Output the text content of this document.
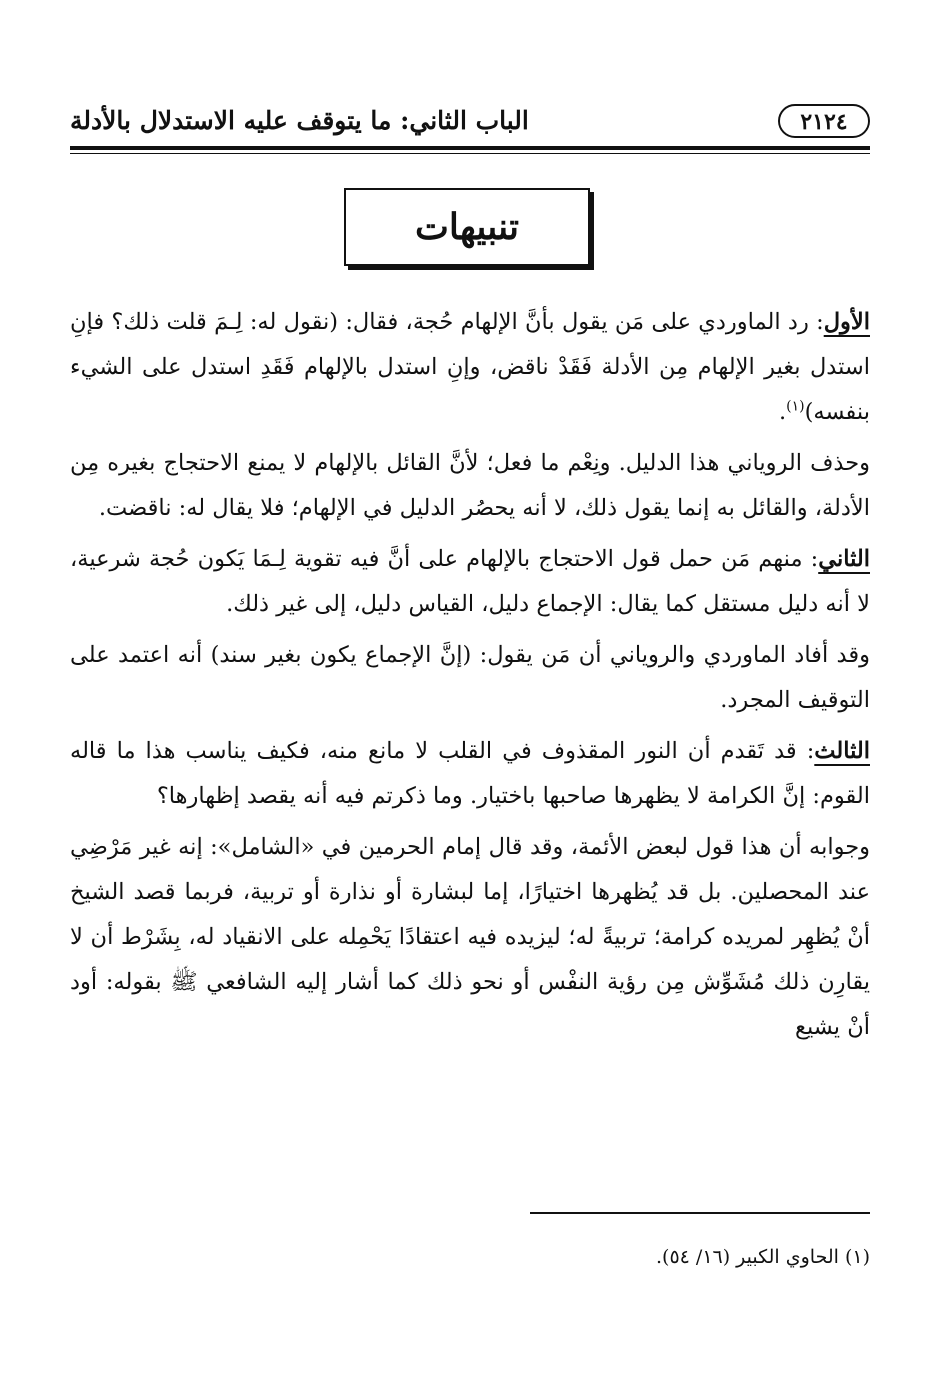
٢١٢٤
الباب الثاني: ما يتوقف عليه الاستدلال بالأدلة
تنبيهات

الأول: رد الماوردي على مَن يقول بأنَّ الإلهام حُجة، فقال: (نقول له: لِـمَ قلت ذلك؟ فإنِ استدل بغير الإلهام مِن الأدلة فَقَدْ ناقض، وإنِ استدل بالإلهام فَقَدِ استدل على الشيء بنفسه)$^{(١)}$.

وحذف الروياني هذا الدليل. ونِعْم ما فعل؛ لأنَّ القائل بالإلهام لا يمنع الاحتجاج بغيره مِن الأدلة، والقائل به إنما يقول ذلك، لا أنه يحصُر الدليل في الإلهام؛ فلا يقال له: ناقضت.

الثاني: منهم مَن حمل قول الاحتجاج بالإلهام على أنَّ فيه تقوية لِـمَا يَكون حُجة شرعية، لا أنه دليل مستقل كما يقال: الإجماع دليل، القياس دليل، إلى غير ذلك.

وقد أفاد الماوردي والروياني أن مَن يقول: (إنَّ الإجماع يكون بغير سند) أنه اعتمد على التوقيف المجرد.

الثالث: قد تَقدم أن النور المقذوف في القلب لا مانع منه، فكيف يناسب هذا ما قاله القوم: إنَّ الكرامة لا يظهرها صاحبها باختيار. وما ذكرتم فيه أنه يقصد إظهارها؟

وجوابه أن هذا قول لبعض الأئمة، وقد قال إمام الحرمين في «الشامل»: إنه غير مَرْضِي عند المحصلين. بل قد يُظهرها اختيارًا، إما لبشارة أو نذارة أو تربية، فربما قصد الشيخ أنْ يُظهِر لمريده كرامة؛ تربيةً له؛ ليزيده فيه اعتقادًا يَحْمِله على الانقياد له، بِشَرْط أن لا يقارِن ذلك مُشَوِّش مِن رؤية النفْس أو نحو ذلك كما أشار إليه الشافعي ﷺ بقوله: أود أنْ يشيع

(١) الحاوي الكبير (١٦/ ٥٤).
